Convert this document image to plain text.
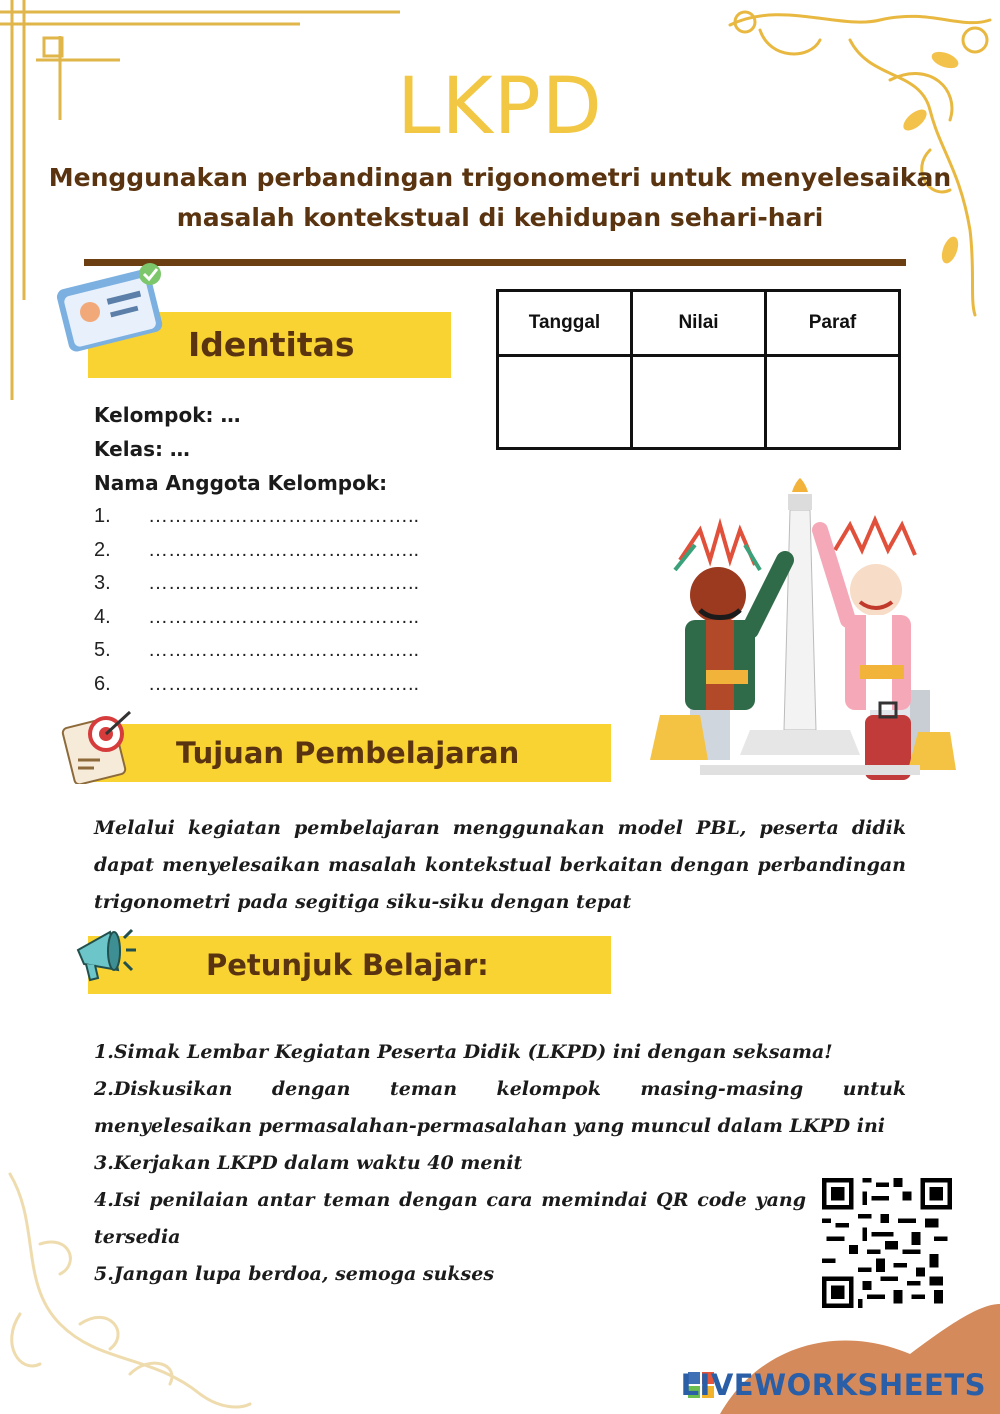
LKPD
Menggunakan perbandingan trigonometri untuk menyelesaikan
masalah kontekstual di kehidupan sehari-hari
Identitas
Kelompok: …
Kelas: …
Nama Anggota Kelompok:
1. …………………………………..
2. …………………………………..
3. …………………………………..
4. …………………………………..
5. …………………………………..
6. …………………………………..
Tanggal	Nilai	Paraf

Tujuan Pembelajaran
Melalui kegiatan pembelajaran menggunakan model PBL, peserta didik dapat menyelesaikan masalah kontekstual berkaitan dengan perbandingan trigonometri pada segitiga siku-siku dengan tepat
Petunjuk Belajar:
1.Simak Lembar Kegiatan Peserta Didik (LKPD) ini dengan seksama!
2.Diskusikan dengan teman kelompok masing-masing untuk menyelesaikan permasalahan-permasalahan yang muncul dalam LKPD ini
3.Kerjakan LKPD dalam waktu 40 menit
4.Isi penilaian antar teman dengan cara memindai QR code yang tersedia
5.Jangan lupa berdoa, semoga sukses
LIVEWORKSHEETS
